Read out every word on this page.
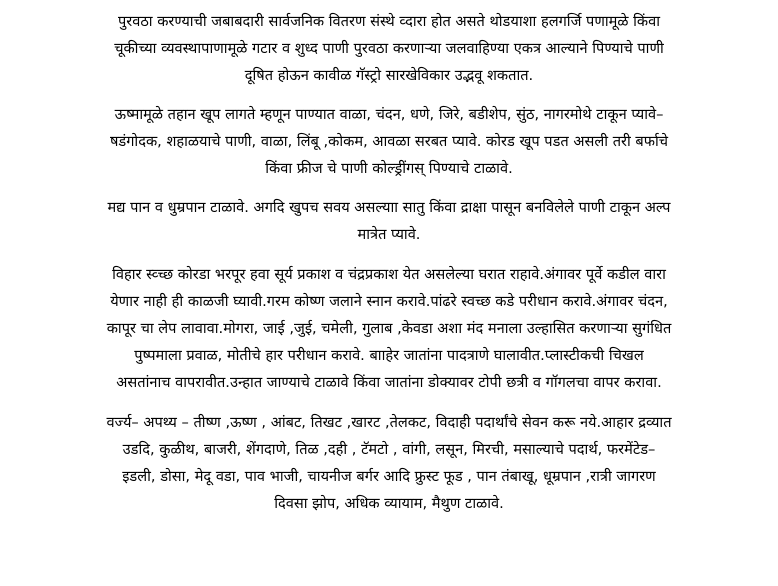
पुरवठा करण्याची जबाबदारी सार्वजनिक वितरण संस्थे व्दारा होत असते थोडयाशा हलगर्जि पणामूळे किंवा
चूकीच्या व्यवस्थापाणामूळे गटार व शुध्द पाणी पुरवठा करणाऱ्या जलवाहिण्या एकत्र आल्याने पिण्याचे पाणी
दूषित होऊन कावीळ गॅस्ट्रो सारखेविकार उद्भवू शकतात.
ऊष्मामूळे तहान खूप लागते म्हणून पाण्यात वाळा, चंदन, धणे, जिरे, बडीशेप, सुंठ, नागरमोथे टाकून प्यावे–
षडंगोदक, शहाळयाचे पाणी, वाळा, लिंबू ,कोकम, आवळा सरबत प्यावे. कोरड खूप पडत असली तरी बर्फाचे
किंवा फ्रीज चे पाणी कोल्ड्रींगस् पिण्याचे टाळावे.
मद्य पान व धुम्रपान टाळावे. अगदि खुपच सवय असल्याा सातु किंवा द्राक्षा पासून बनविलेले पाणी टाकून अल्प
मात्रेत प्यावे.
विहार स्व्च्छ कोरडा भरपूर हवा सूर्य प्रकाश व चंद्रप्रकाश येत असलेल्या घरात राहावे.अंगावर पूर्वे कडील वारा
येणार नाही ही काळजी घ्यावी.गरम कोष्ण जलाने स्नान करावे.पांढरे स्वच्छ कडे परीधान करावे.अंगावर चंदन,
कापूर चा लेप लावावा.मोगरा, जाई ,जुई, चमेली, गुलाब ,केवडा अशा मंद मनाला उल्हासित करणाऱ्या सुगंधित
पुष्पमाला प्रवाळ, मोतीचे हार परीधान करावे. बााहेर जातांना पादत्राणे घालावीत.प्लास्टीकची चिखल
असतांनाच वापरावीत.उन्हात जाण्याचे टाळावे किंवा जातांना डोक्यावर टोपी छत्री व गॉगलचा वापर करावा.
वर्ज्य– अपथ्य – तीष्ण ,ऊष्ण , आंबट, तिखट ,खारट ,तेलकट, विदाही पदार्थांचे सेवन करू नये.आहार द्रव्यात
उडदि, कुळीथ, बाजरी, शेंगदाणे, तिळ ,दही , टॅमटो , वांगी, लसून, मिरची, मसाल्याचे पदार्थ, फरमेंटेड–
इडली, डोसा, मेदू वडा, पाव भाजी, चायनीज बर्गर आदि फ्रुस्ट फूड , पान तंबाखू, धूम्रपान ,रात्री जागरण
दिवसा झोप, अधिक व्यायाम, मैथुण टाळावे.
